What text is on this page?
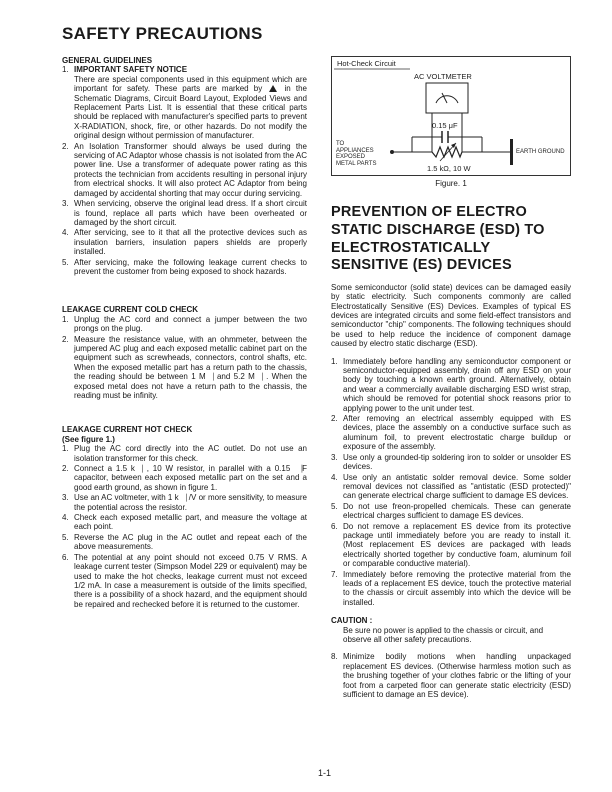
SAFETY PRECAUTIONS

GENERAL GUIDELINES

1. IMPORTANT SAFETY NOTICE
There are special components used in this equipment which are important for safety. These parts are marked by	in the Schematic Diagrams, Circuit Board Layout, Exploded Views and Replacement Parts List. It is essential that these critical parts should be replaced with manufacturer's specified parts to prevent X-RADIATION, shock, fire, or other hazards. Do not modify the original design without permission of manufacturer.
2. An Isolation Transformer should always be used during the servicing of AC Adaptor whose chassis is not isolated from the AC power line. Use a transformer of adequate power rating as this protects the technician from accidents resulting in personal injury from electrical shocks. It will also protect AC Adaptor from being damaged by accidental shorting that may occur during servicing.
3. When servicing, observe the original lead dress. If a short circuit is found, replace all parts which have been overheated or damaged by the short circuit.
4. After servicing, see to it that all the protective devices such as insulation barriers, insulation papers shields are properly installed.
5. After servicing, make the following leakage current checks to prevent the customer from being exposed to shock hazards.

LEAKAGE CURRENT COLD CHECK

1. Unplug the AC cord and connect a jumper between the two prongs on the plug.
2. Measure the resistance value, with an ohmmeter, between the jumpered AC plug and each exposed metallic cabinet part on the equipment such as screwheads, connectors, control shafts, etc. When the exposed metallic part has a return path to the chassis, the reading should be between 1 M⎹ and 5.2 M⎹ . When the exposed metal does not have a return path to the chassis, the reading must be infinity.

LEAKAGE CURRENT HOT CHECK

(See figure 1.)

1. Plug the AC cord directly into the AC outlet. Do not use an isolation transformer for this check.
2. Connect a 1.5 k⎹ , 10 W resistor, in parallel with a 0.15 ⎹F capacitor, between each exposed metallic part on the set and a good earth ground, as shown in figure 1.
3. Use an AC voltmeter, with 1 k⎹ /V or more sensitivity, to measure the potential across the resistor.
4. Check each exposed metallic part, and measure the voltage at each point.
5. Reverse the AC plug in the AC outlet and repeat each of the above measurements.
6. The potential at any point should not exceed 0.75 V RMS. A leakage current tester (Simpson Model 229 or equivalent) may be used to make the hot checks, leakage current must not exceed 1/2 mA. In case a measurement is outside of the limits specified, there is a possibility of a shock hazard, and the equipment should be repaired and rechecked before it is returned to the customer.
Hot-Check Circuit
AC VOLTMETER
0.15 μF
1.5 kΩ, 10 W
TO
APPLIANCES
EXPOSED
METAL PARTS
EARTH GROUND

Figure. 1

PREVENTION OF ELECTRO STATIC DISCHARGE (ESD) TO ELECTROSTATICALLY SENSITIVE (ES) DEVICES

Some semiconductor (solid state) devices can be damaged easily by static electricity. Such components commonly are called Electrostatically Sensitive (ES) Devices. Examples of typical ES devices are integrated circuits and some field-effect transistors and semiconductor "chip" components. The following techniques should be used to help reduce the incidence of component damage caused by electro static discharge (ESD).

1. Immediately before handling any semiconductor component or semiconductor-equipped assembly, drain off any ESD on your body by touching a known earth ground. Alternatively, obtain and wear a commercially available discharging ESD wrist strap, which should be removed for potential shock reasons prior to applying power to the unit under test.
2. After removing an electrical assembly equipped with ES devices, place the assembly on a conductive surface such as aluminum foil, to prevent electrostatic charge buildup or exposure of the assembly.
3. Use only a grounded-tip soldering iron to solder or unsolder ES devices.
4. Use only an antistatic solder removal device. Some solder removal devices not classified as "antistatic (ESD protected)" can generate electrical charge sufficient to damage ES devices.
5. Do not use freon-propelled chemicals. These can generate electrical charges sufficient to damage ES devices.
6. Do not remove a replacement ES device from its protective package until immediately before you are ready to install it. (Most replacement ES devices are packaged with leads electrically shorted together by conductive foam, aluminum foil or comparable conductive material).
7. Immediately before removing the protective material from the leads of a replacement ES device, touch the protective material to the chassis or circuit assembly into which the device will be installed.

CAUTION :

Be sure no power is applied to the chassis or circuit, and observe all other safety precautions.

8. Minimize bodily motions when handling unpackaged replacement ES devices. (Otherwise harmless motion such as the brushing together of your clothes fabric or the lifting of your foot from a carpeted floor can generate static electricity (ESD) sufficient to damage an ES device).
1-1
